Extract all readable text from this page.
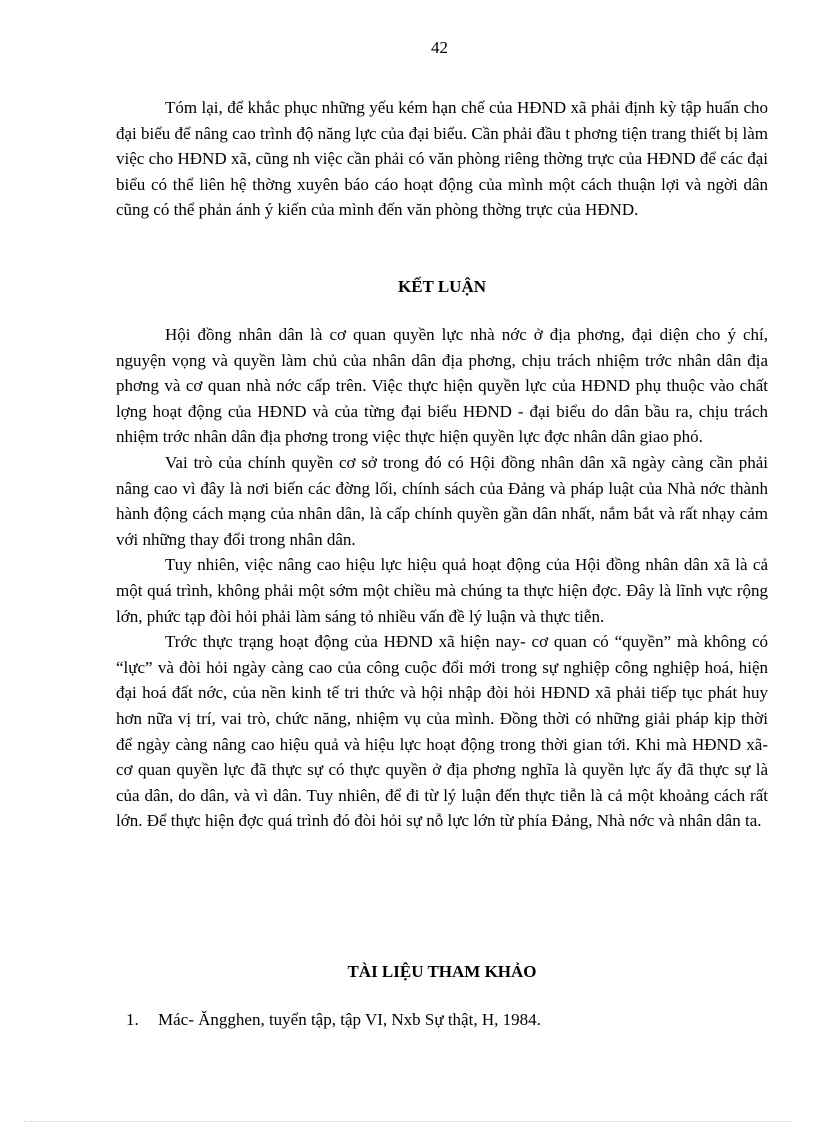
42

Tóm lại, để khắc phục những yếu kém hạn chế của HĐND xã phải định kỳ tập huấn cho đại biểu để nâng cao trình độ năng lực của đại biểu. Cần phải đầu t phơng tiện trang thiết bị làm việc cho HĐND xã, cũng nh việc cần phải có văn phòng riêng thờng trực của HĐND để các đại biểu có thể liên hệ thờng xuyên báo cáo hoạt động của mình một cách thuận lợi và ngời dân cũng có thể phản ánh ý kiến của mình đến văn phòng thờng trực của HĐND.

KẾT LUẬN

Hội đồng nhân dân là cơ quan quyền lực nhà nớc ở địa phơng, đại diện cho ý chí, nguyện vọng và quyền làm chủ của nhân dân địa phơng, chịu trách nhiệm trớc nhân dân địa phơng và cơ quan nhà nớc cấp trên. Việc thực hiện quyền lực của HĐND phụ thuộc vào chất lợng hoạt động của HĐND và của từng đại biểu HĐND - đại biểu do dân bầu ra, chịu trách nhiệm trớc nhân dân địa phơng trong việc thực hiện quyền lực đợc nhân dân giao phó.

Vai trò của chính quyền cơ sở trong đó có Hội đồng nhân dân xã ngày càng cần phải nâng cao vì đây là nơi biến các đờng lối, chính sách của Đảng và pháp luật của Nhà nớc thành hành động cách mạng của nhân dân, là cấp chính quyền gần dân nhất, nắm bắt và rất nhạy cảm với những thay đổi trong nhân dân.

Tuy nhiên, việc nâng cao hiệu lực hiệu quả hoạt động của Hội đồng nhân dân xã là cả một quá trình, không phải một sớm một chiều mà chúng ta thực hiện đợc. Đây là lĩnh vực rộng lớn, phức tạp đòi hỏi phải làm sáng tỏ nhiều vấn đề lý luận và thực tiễn.

Trớc thực trạng hoạt động của HĐND xã hiện nay- cơ quan có “quyền” mà không có “lực” và đòi hỏi ngày càng cao của công cuộc đổi mới trong sự nghiệp công nghiệp hoá, hiện đại hoá đất nớc, của nền kinh tế tri thức và hội nhập đòi hỏi HĐND xã phải tiếp tục phát huy hơn nữa vị trí, vai trò, chức năng, nhiệm vụ của mình. Đồng thời có những giải pháp kịp thời để ngày càng nâng cao hiệu quả và hiệu lực hoạt động trong thời gian tới. Khi mà HĐND xã- cơ quan quyền lực đã thực sự có thực quyền ở địa phơng nghĩa là quyền lực ấy đã thực sự là của dân, do dân, và vì dân. Tuy nhiên, để đi từ lý luận đến thực tiễn là cả một khoảng cách rất lớn. Để thực hiện đợc quá trình đó đòi hỏi sự nỗ lực lớn từ phía Đảng, Nhà nớc và nhân dân ta.

TÀI LIỆU THAM KHẢO
1.	Mác- Ăngghen, tuyển tập, tập VI, Nxb Sự thật, H, 1984.
